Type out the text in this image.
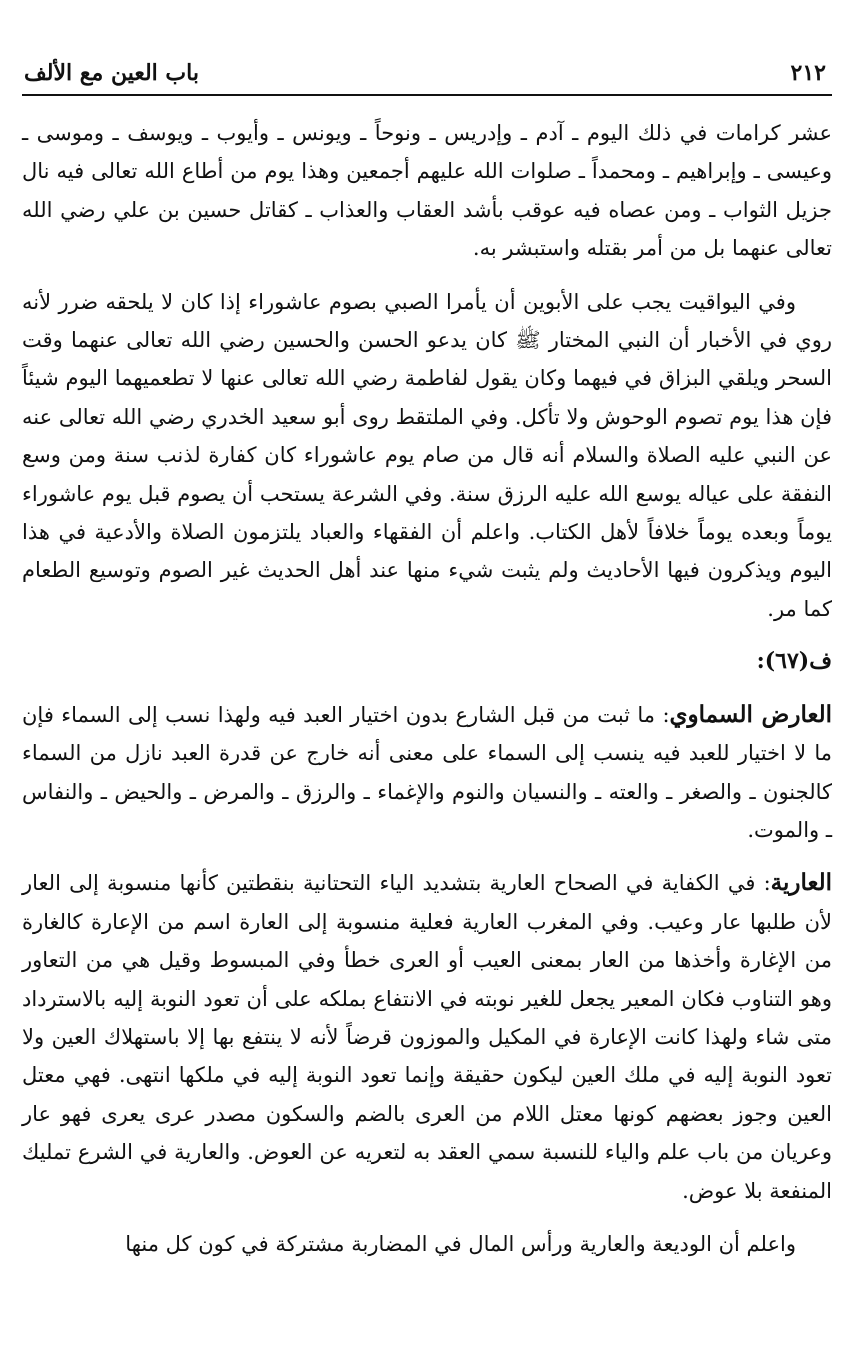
٢١٢
باب العين مع الألف

عشر كرامات في ذلك اليوم ـ آدم ـ وإدريس ـ ونوحاً ـ ويونس ـ وأيوب ـ ويوسف ـ وموسى ـ وعيسى ـ وإبراهيم ـ ومحمداً ـ صلوات الله عليهم أجمعين وهذا يوم من أطاع الله تعالى فيه نال جزيل الثواب ـ ومن عصاه فيه عوقب بأشد العقاب والعذاب ـ كقاتل حسين بن علي رضي الله تعالى عنهما بل من أمر بقتله واستبشر به.

وفي اليواقيت يجب على الأبوين أن يأمرا الصبي بصوم عاشوراء إذا كان لا يلحقه ضرر لأنه روي في الأخبار أن النبي المختار ﷺ كان يدعو الحسن والحسين رضي الله تعالى عنهما وقت السحر ويلقي البزاق في فيهما وكان يقول لفاطمة رضي الله تعالى عنها لا تطعميهما اليوم شيئاً فإن هذا يوم تصوم الوحوش ولا تأكل. وفي الملتقط روى أبو سعيد الخدري رضي الله تعالى عنه عن النبي عليه الصلاة والسلام أنه قال من صام يوم عاشوراء كان كفارة لذنب سنة ومن وسع النفقة على عياله يوسع الله عليه الرزق سنة. وفي الشرعة يستحب أن يصوم قبل يوم عاشوراء يوماً وبعده يوماً خلافاً لأهل الكتاب. واعلم أن الفقهاء والعباد يلتزمون الصلاة والأدعية في هذا اليوم ويذكرون فيها الأحاديث ولم يثبت شيء منها عند أهل الحديث غير الصوم وتوسيع الطعام كما مر.

ف(٦٧):

العارض السماوي: ما ثبت من قبل الشارع بدون اختيار العبد فيه ولهذا نسب إلى السماء فإن ما لا اختيار للعبد فيه ينسب إلى السماء على معنى أنه خارج عن قدرة العبد نازل من السماء كالجنون ـ والصغر ـ والعته ـ والنسيان والنوم والإغماء ـ والرزق ـ والمرض ـ والحيض ـ والنفاس ـ والموت.

العارية: في الكفاية في الصحاح العارية بتشديد الياء التحتانية بنقطتين كأنها منسوبة إلى العار لأن طلبها عار وعيب. وفي المغرب العارية فعلية منسوبة إلى العارة اسم من الإعارة كالغارة من الإغارة وأخذها من العار بمعنى العيب أو العرى خطأ وفي المبسوط وقيل هي من التعاور وهو التناوب فكان المعير يجعل للغير نوبته في الانتفاع بملكه على أن تعود النوبة إليه بالاسترداد متى شاء ولهذا كانت الإعارة في المكيل والموزون قرضاً لأنه لا ينتفع بها إلا باستهلاك العين ولا تعود النوبة إليه في ملك العين ليكون حقيقة وإنما تعود النوبة إليه في ملكها انتهى. فهي معتل العين وجوز بعضهم كونها معتل اللام من العرى بالضم والسكون مصدر عرى يعرى فهو عار وعريان من باب علم والياء للنسبة سمي العقد به لتعريه عن العوض. والعارية في الشرع تمليك المنفعة بلا عوض.

واعلم أن الوديعة والعارية ورأس المال في المضاربة مشتركة في كون كل منها
